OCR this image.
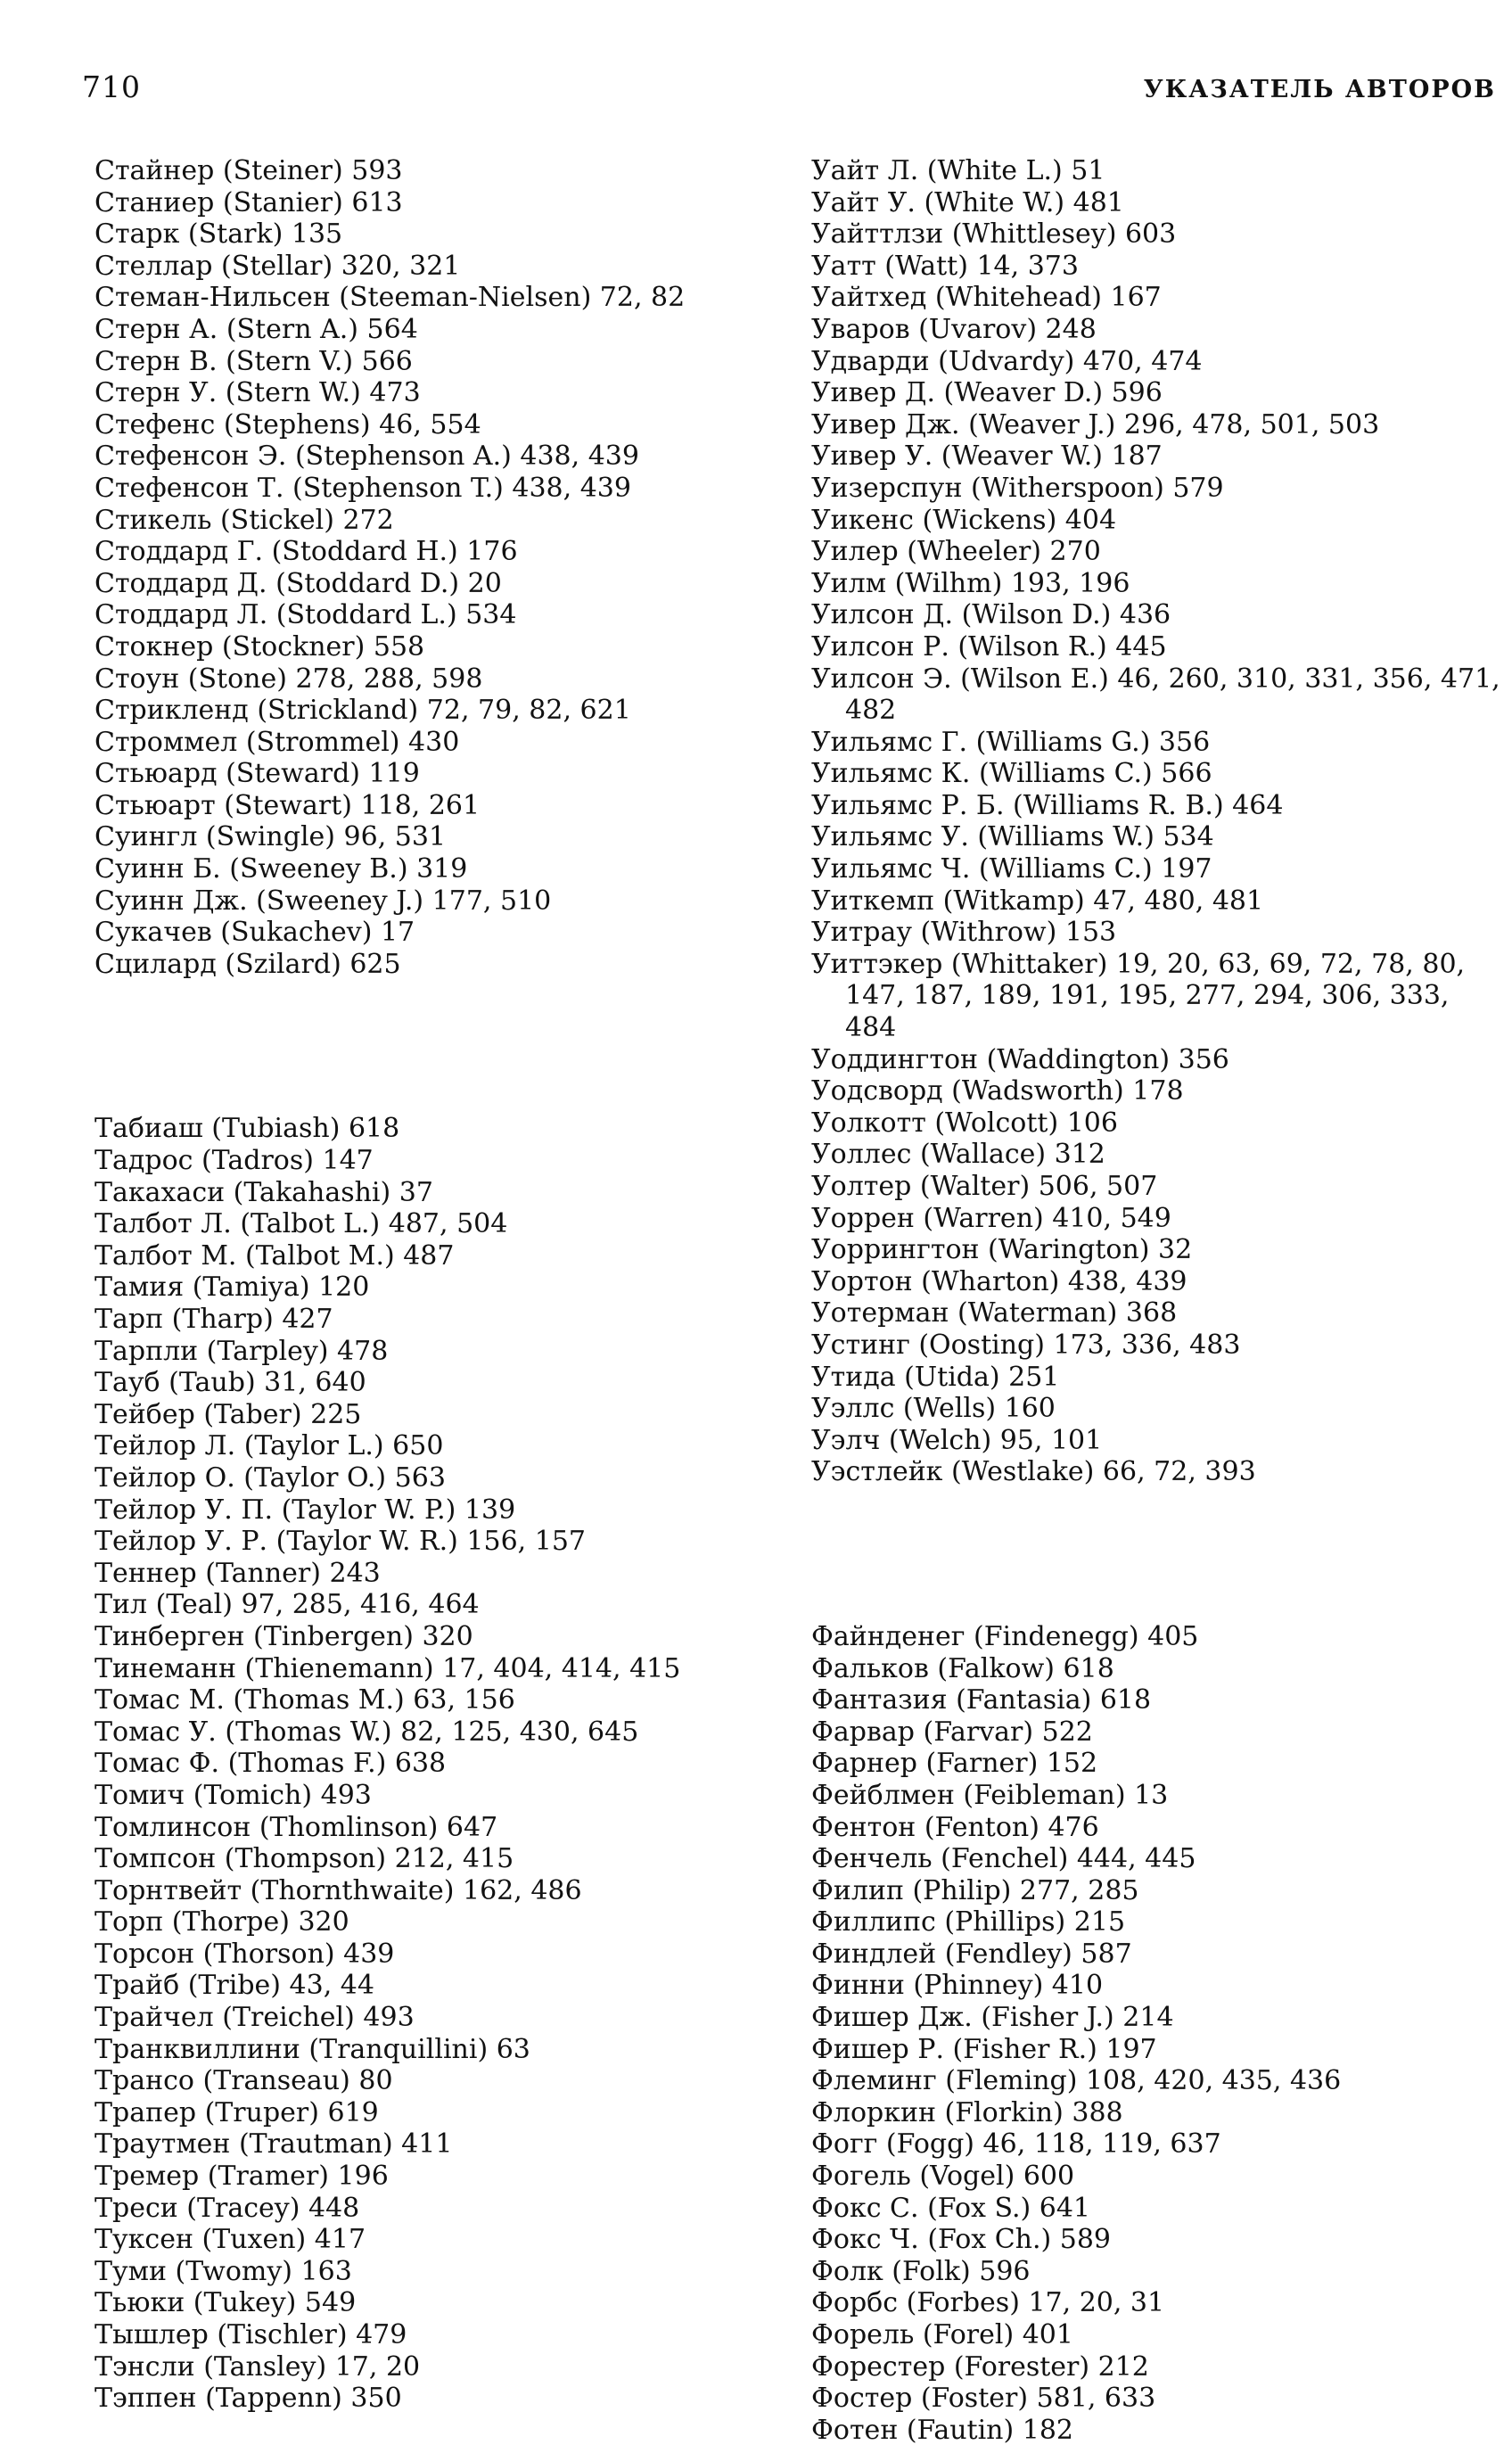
710	УКАЗАТЕЛЬ АВТОРОВ
Стайнер (Steiner) 593
Станиер (Stanier) 613
Старк (Stark) 135
Стеллар (Stellar) 320, 321
Стеман-Нильсен (Steeman-Nielsen) 72, 82
Стерн А. (Stern A.) 564
Стерн В. (Stern V.) 566
Стерн У. (Stern W.) 473
Стефенс (Stephens) 46, 554
Стефенсон Э. (Stephenson A.) 438, 439
Стефенсон Т. (Stephenson T.) 438, 439
Стикель (Stickel) 272
Стоддард Г. (Stoddard H.) 176
Стоддард Д. (Stoddard D.) 20
Стоддард Л. (Stoddard L.) 534
Стокнер (Stockner) 558
Стоун (Stone) 278, 288, 598
Стрикленд (Strickland) 72, 79, 82, 621
Строммел (Strommel) 430
Стьюард (Steward) 119
Стьюарт (Stewart) 118, 261
Суингл (Swingle) 96, 531
Суинн Б. (Sweeney B.) 319
Суинн Дж. (Sweeney J.) 177, 510
Сукачев (Sukachev) 17
Сцилард (Szilard) 625
Табиаш (Tubiash) 618
Тадрос (Tadros) 147
Такахаси (Takahashi) 37
Талбот Л. (Talbot L.) 487, 504
Талбот М. (Talbot M.) 487
Тамия (Tamiya) 120
Тарп (Tharp) 427
Тарпли (Tarpley) 478
Тауб (Taub) 31, 640
Тейбер (Taber) 225
Тейлор Л. (Taylor L.) 650
Тейлор О. (Taylor O.) 563
Тейлор У. П. (Taylor W. P.) 139
Тейлор У. Р. (Taylor W. R.) 156, 157
Теннер (Tanner) 243
Тил (Teal) 97, 285, 416, 464
Тинберген (Tinbergen) 320
Тинеманн (Thienemann) 17, 404, 414, 415
Томас М. (Thomas M.) 63, 156
Томас У. (Thomas W.) 82, 125, 430, 645
Томас Ф. (Thomas F.) 638
Томич (Tomich) 493
Томлинсон (Thomlinson) 647
Томпсон (Thompson) 212, 415
Торнтвейт (Thornthwaite) 162, 486
Торп (Thorpe) 320
Торсон (Thorson) 439
Трайб (Tribe) 43, 44
Трайчел (Treichel) 493
Транквиллини (Tranquillini) 63
Трансо (Transeau) 80
Трапер (Truper) 619
Траутмен (Trautman) 411
Тремер (Tramer) 196
Треси (Tracey) 448
Туксен (Tuxen) 417
Туми (Twomy) 163
Тьюки (Tukey) 549
Тышлер (Tischler) 479
Тэнсли (Tansley) 17, 20
Тэппен (Tappenn) 350
Уайт Л. (White L.) 51
Уайт У. (White W.) 481
Уайттлзи (Whittlesey) 603
Уатт (Watt) 14, 373
Уайтхед (Whitehead) 167
Уваров (Uvarov) 248
Удварди (Udvardy) 470, 474
Уивер Д. (Weaver D.) 596
Уивер Дж. (Weaver J.) 296, 478, 501, 503
Уивер У. (Weaver W.) 187
Уизерспун (Witherspoon) 579
Уикенс (Wickens) 404
Уилер (Wheeler) 270
Уилм (Wilhm) 193, 196
Уилсон Д. (Wilson D.) 436
Уилсон Р. (Wilson R.) 445
Уилсон Э. (Wilson E.) 46, 260, 310, 331, 356, 471, 482
Уильямс Г. (Williams G.) 356
Уильямс К. (Williams C.) 566
Уильямс Р. Б. (Williams R. B.) 464
Уильямс У. (Williams W.) 534
Уильямс Ч. (Williams C.) 197
Уиткемп (Witkamp) 47, 480, 481
Уитрау (Withrow) 153
Уиттэкер (Whittaker) 19, 20, 63, 69, 72, 78, 80, 147, 187, 189, 191, 195, 277, 294, 306, 333, 484
Уоддингтон (Waddington) 356
Уодсворд (Wadsworth) 178
Уолкотт (Wolcott) 106
Уоллес (Wallace) 312
Уолтер (Walter) 506, 507
Уоррен (Warren) 410, 549
Уоррингтон (Warington) 32
Уортон (Wharton) 438, 439
Уотерман (Waterman) 368
Устинг (Oosting) 173, 336, 483
Утида (Utida) 251
Уэллс (Wells) 160
Уэлч (Welch) 95, 101
Уэстлейк (Westlake) 66, 72, 393
Файнденег (Findenegg) 405
Фальков (Falkow) 618
Фантазия (Fantasia) 618
Фарвар (Farvar) 522
Фарнер (Farner) 152
Фейблмен (Feibleman) 13
Фентон (Fenton) 476
Фенчель (Fenchel) 444, 445
Филип (Philip) 277, 285
Филлипс (Phillips) 215
Финдлей (Fendley) 587
Финни (Phinney) 410
Фишер Дж. (Fisher J.) 214
Фишер Р. (Fisher R.) 197
Флеминг (Fleming) 108, 420, 435, 436
Флоркин (Florkin) 388
Фогг (Fogg) 46, 118, 119, 637
Фогель (Vogel) 600
Фокс С. (Fox S.) 641
Фокс Ч. (Fox Ch.) 589
Фолк (Folk) 596
Форбс (Forbes) 17, 20, 31
Форель (Forel) 401
Форестер (Forester) 212
Фостер (Foster) 581, 633
Фотен (Fautin) 182
